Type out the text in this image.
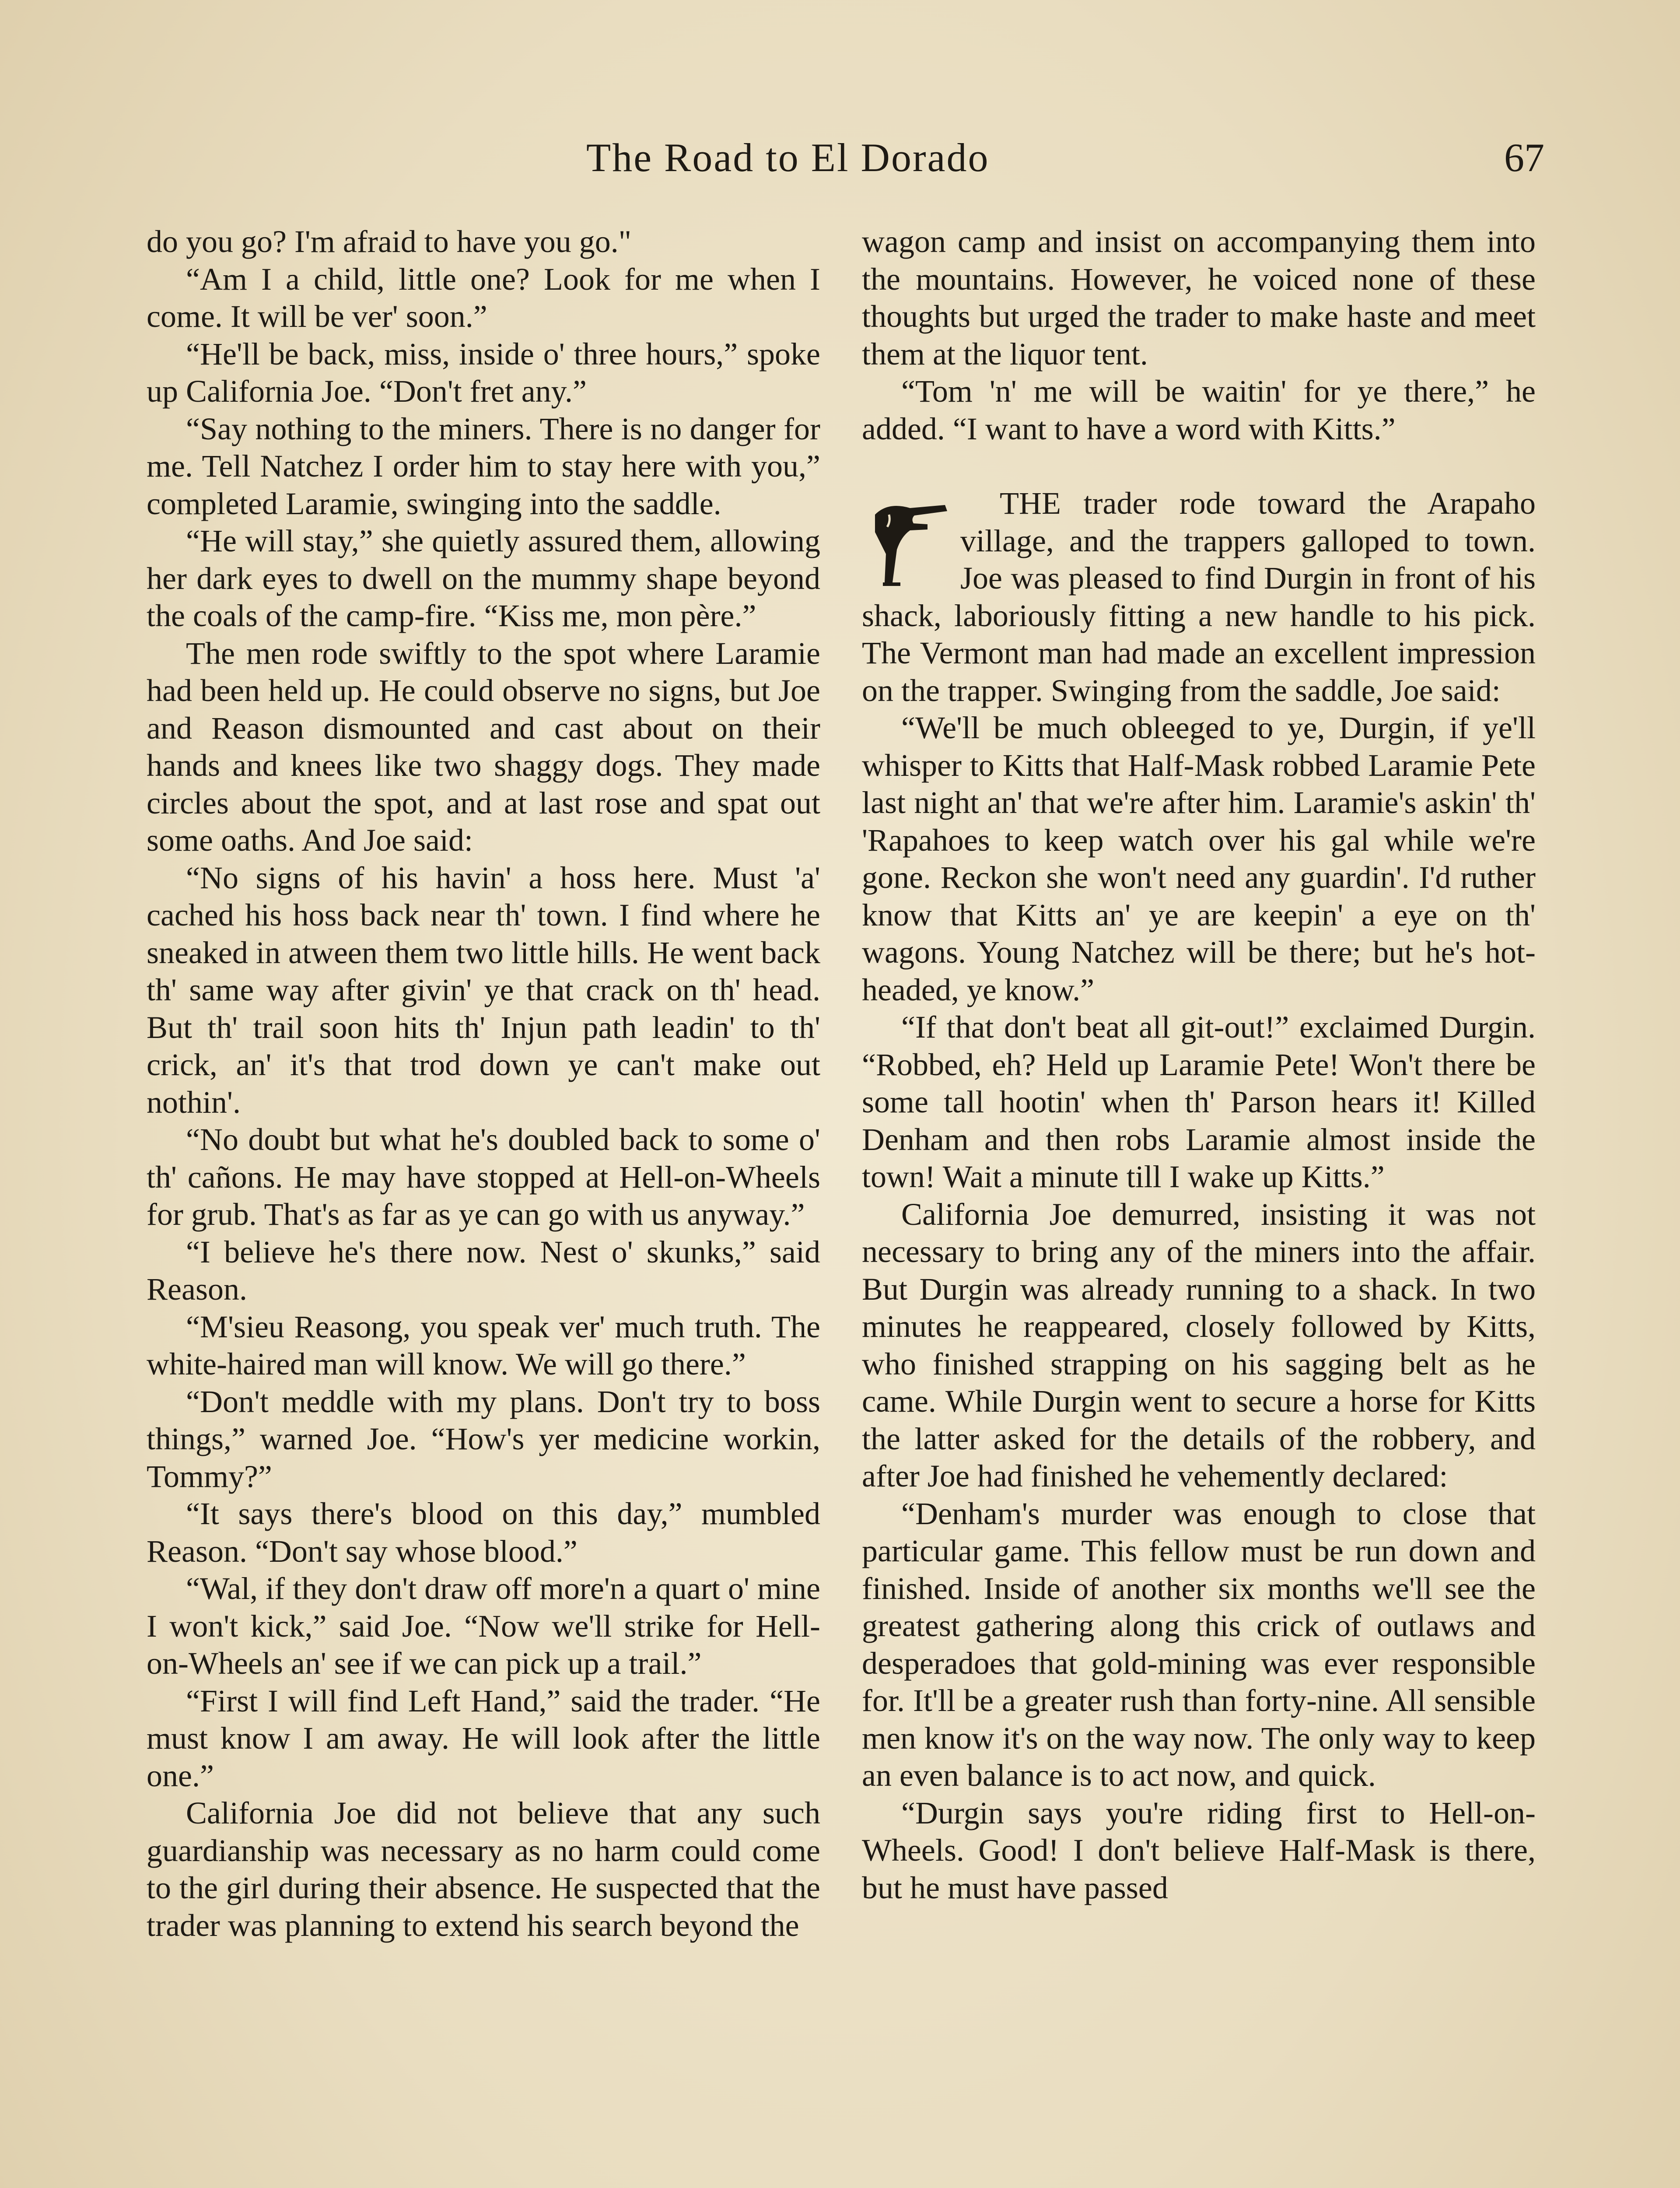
The Road to El Dorado	67

do you go? I'm afraid to have you go."

“Am I a child, little one? Look for me when I come. It will be ver' soon.”

“He'll be back, miss, inside o' three hours,” spoke up California Joe. “Don't fret any.”

“Say nothing to the miners. There is no danger for me. Tell Natchez I order him to stay here with you,” completed Laramie, swinging into the saddle.

“He will stay,” she quietly assured them, allowing her dark eyes to dwell on the mummy shape beyond the coals of the camp-fire. “Kiss me, mon père.”

The men rode swiftly to the spot where Laramie had been held up. He could observe no signs, but Joe and Reason dismounted and cast about on their hands and knees like two shaggy dogs. They made circles about the spot, and at last rose and spat out some oaths. And Joe said:

“No signs of his havin' a hoss here. Must 'a' cached his hoss back near th' town. I find where he sneaked in atween them two little hills. He went back th' same way after givin' ye that crack on th' head. But th' trail soon hits th' Injun path leadin' to th' crick, an' it's that trod down ye can't make out nothin'.

“No doubt but what he's doubled back to some o' th' cañons. He may have stopped at Hell-on-Wheels for grub. That's as far as ye can go with us anyway.”

“I believe he's there now. Nest o' skunks,” said Reason.

“M'sieu Reasong, you speak ver' much truth. The white-haired man will know. We will go there.”

“Don't meddle with my plans. Don't try to boss things,” warned Joe. “How's yer medicine workin, Tommy?”

“It says there's blood on this day,” mumbled Reason. “Don't say whose blood.”

“Wal, if they don't draw off more'n a quart o' mine I won't kick,” said Joe. “Now we'll strike for Hell-on-Wheels an' see if we can pick up a trail.”

“First I will find Left Hand,” said the trader. “He must know I am away. He will look after the little one.”

California Joe did not believe that any such guardianship was necessary as no harm could come to the girl during their absence. He suspected that the trader was planning to extend his search beyond the

wagon camp and insist on accompanying them into the mountains. However, he voiced none of these thoughts but urged the trader to make haste and meet them at the liquor tent.

“Tom 'n' me will be waitin' for ye there,” he added. “I want to have a word with Kitts.”

THE trader rode toward the Arapaho village, and the trappers galloped to town. Joe was pleased to find Durgin in front of his shack, laboriously fitting a new handle to his pick. The Vermont man had made an excellent impression on the trapper. Swinging from the saddle, Joe said:

“We'll be much obleeged to ye, Durgin, if ye'll whisper to Kitts that Half-Mask robbed Laramie Pete last night an' that we're after him. Laramie's askin' th' 'Rapahoes to keep watch over his gal while we're gone. Reckon she won't need any guardin'. I'd ruther know that Kitts an' ye are keepin' a eye on th' wagons. Young Natchez will be there; but he's hot-headed, ye know.”

“If that don't beat all git-out!” exclaimed Durgin. “Robbed, eh? Held up Laramie Pete! Won't there be some tall hootin' when th' Parson hears it! Killed Denham and then robs Laramie almost inside the town! Wait a minute till I wake up Kitts.”

California Joe demurred, insisting it was not necessary to bring any of the miners into the affair. But Durgin was already running to a shack. In two minutes he reappeared, closely followed by Kitts, who finished strapping on his sagging belt as he came. While Durgin went to secure a horse for Kitts the latter asked for the details of the robbery, and after Joe had finished he vehemently declared:

“Denham's murder was enough to close that particular game. This fellow must be run down and finished. Inside of another six months we'll see the greatest gathering along this crick of outlaws and desperadoes that gold-mining was ever responsible for. It'll be a greater rush than forty-nine. All sensible men know it's on the way now. The only way to keep an even balance is to act now, and quick.

“Durgin says you're riding first to Hell-on-Wheels. Good! I don't believe Half-Mask is there, but he must have passed
